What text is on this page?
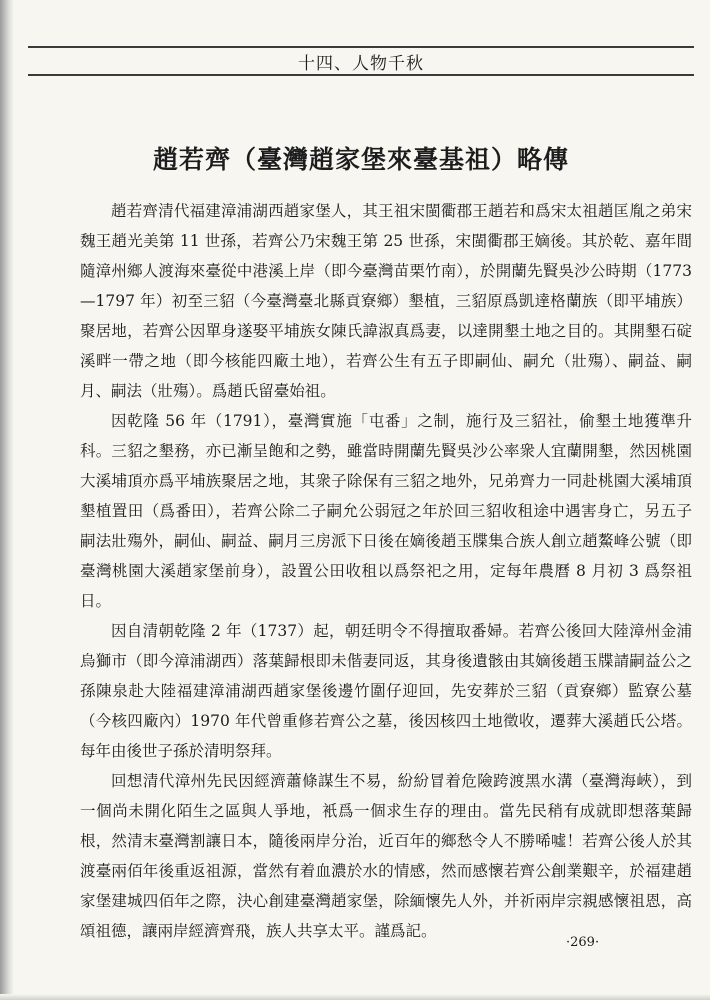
十四、人物千秋
趙若齊（臺灣趙家堡來臺基祖）略傳

趙若齊清代福建漳浦湖西趙家堡人，其王祖宋閩衢郡王趙若和爲宋太祖趙匡胤之弟宋魏王趙光美第 11 世孫，若齊公乃宋魏王第 25 世孫，宋閩衢郡王嫡後。其於乾、嘉年間隨漳州鄉人渡海來臺從中港溪上岸（即今臺灣苗栗竹南），於開蘭先賢吳沙公時期（1773—1797 年）初至三貂（今臺灣臺北縣貢寮鄉）墾植，三貂原爲凱達格蘭族（即平埔族）聚居地，若齊公因單身遂娶平埔族女陳氏諱淑真爲妻，以達開墾土地之目的。其開墾石碇溪畔一帶之地（即今核能四廠土地），若齊公生有五子即嗣仙、嗣允（壯殤）、嗣益、嗣月、嗣法（壯殤）。爲趙氏留臺始祖。

因乾隆 56 年（1791），臺灣實施「屯番」之制，施行及三貂社，偷墾土地獲準升科。三貂之墾務，亦已漸呈飽和之勢，雖當時開蘭先賢吳沙公率衆人宜蘭開墾，然因桃園大溪埔頂亦爲平埔族聚居之地，其衆子除保有三貂之地外，兄弟齊力一同赴桃園大溪埔頂墾植置田（爲番田），若齊公除二子嗣允公弱冠之年於回三貂收租途中遇害身亡，另五子嗣法壯殤外，嗣仙、嗣益、嗣月三房派下日後在嫡後趙玉牒集合族人創立趙鰲峰公號（即臺灣桃園大溪趙家堡前身），設置公田收租以爲祭祀之用，定每年農曆 8 月初 3 爲祭祖日。

因自清朝乾隆 2 年（1737）起，朝廷明令不得擅取番婦。若齊公後回大陸漳州金浦烏獅市（即今漳浦湖西）落葉歸根即未偕妻同返，其身後遺骸由其嫡後趙玉牒請嗣益公之孫陳泉赴大陸福建漳浦湖西趙家堡後邊竹圍仔迎回，先安葬於三貂（貢寮鄉）監寮公墓（今核四廠內）1970 年代曾重修若齊公之墓，後因核四土地徵收，遷葬大溪趙氏公塔。每年由後世子孫於清明祭拜。

回想清代漳州先民因經濟蕭條謀生不易，紛紛冒着危險跨渡黑水溝（臺灣海峽），到一個尚未開化陌生之區與人爭地，衹爲一個求生存的理由。當先民稍有成就即想落葉歸根，然清末臺灣割讓日本，隨後兩岸分治，近百年的鄉愁令人不勝唏噓！若齊公後人於其渡臺兩佰年後重返祖源，當然有着血濃於水的情感，然而感懷若齊公創業艱辛，於福建趙家堡建城四佰年之際，決心創建臺灣趙家堡，除緬懷先人外，并祈兩岸宗親感懷祖恩，高頌祖德，讓兩岸經濟齊飛，族人共享太平。謹爲記。

·269·
